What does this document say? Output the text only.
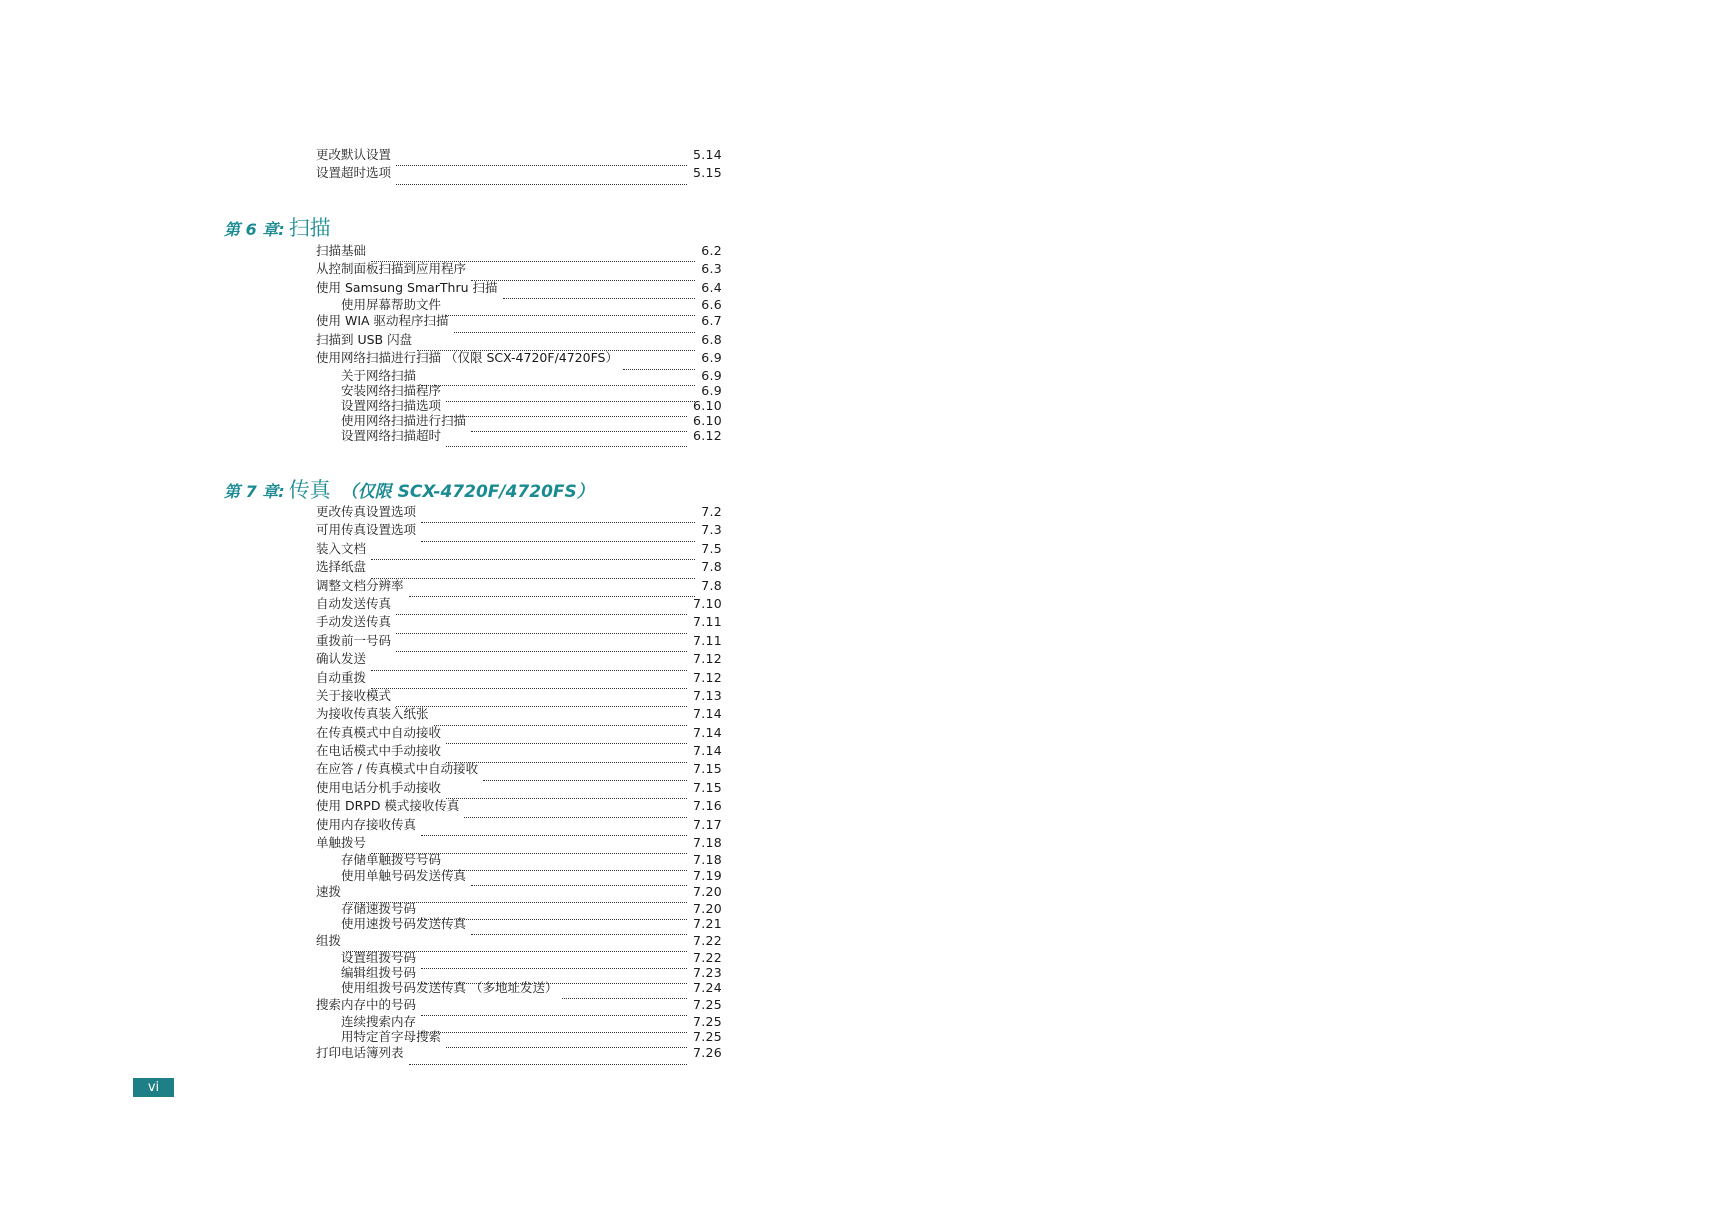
更改默认设置	5.14
设置超时选项	5.15
第 6 章: 扫描
扫描基础	6.2
从控制面板扫描到应用程序	6.3
使用 Samsung SmarThru 扫描	6.4
使用屏幕帮助文件	6.6
使用 WIA 驱动程序扫描	6.7
扫描到 USB 闪盘	6.8
使用网络扫描进行扫描 （仅限 SCX-4720F/4720FS）	6.9
关于网络扫描	6.9
安装网络扫描程序	6.9
设置网络扫描选项	6.10
使用网络扫描进行扫描	6.10
设置网络扫描超时	6.12
第 7 章: 传真 （仅限 SCX-4720F/4720FS）
更改传真设置选项	7.2
可用传真设置选项	7.3
装入文档	7.5
选择纸盘	7.8
调整文档分辨率	7.8
自动发送传真	7.10
手动发送传真	7.11
重拨前一号码	7.11
确认发送	7.12
自动重拨	7.12
关于接收模式	7.13
为接收传真装入纸张	7.14
在传真模式中自动接收	7.14
在电话模式中手动接收	7.14
在应答 / 传真模式中自动接收	7.15
使用电话分机手动接收	7.15
使用 DRPD 模式接收传真	7.16
使用内存接收传真	7.17
单触拨号	7.18
存储单触拨号号码	7.18
使用单触号码发送传真	7.19
速拨	7.20
存储速拨号码	7.20
使用速拨号码发送传真	7.21
组拨	7.22
设置组拨号码	7.22
编辑组拨号码	7.23
使用组拨号码发送传真 （多地址发送）	7.24
搜索内存中的号码	7.25
连续搜索内存	7.25
用特定首字母搜索	7.25
打印电话簿列表	7.26
vi
